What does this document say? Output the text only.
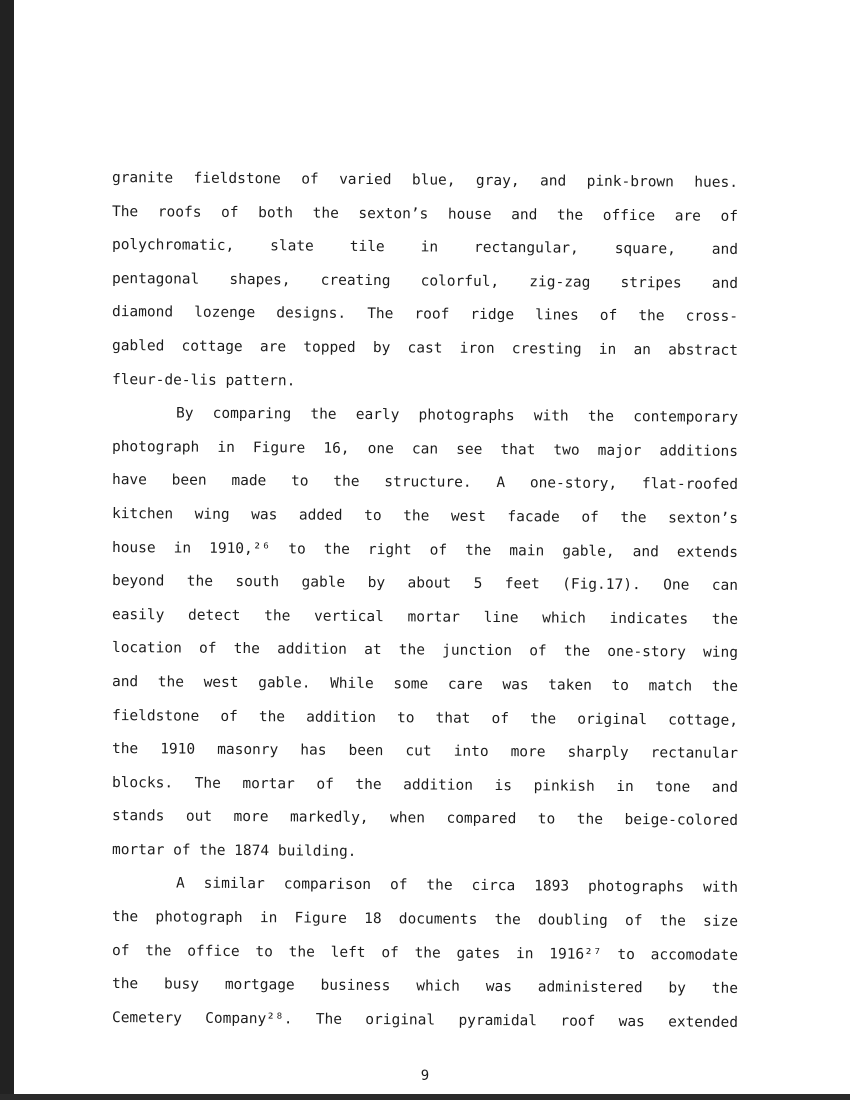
granite fieldstone of varied blue, gray, and pink-brown hues.
The roofs of both the sexton’s house and the office are of
polychromatic, slate tile in rectangular, square, and
pentagonal shapes, creating colorful, zig-zag stripes and
diamond lozenge designs. The roof ridge lines of the cross-
gabled cottage are topped by cast iron cresting in an abstract
fleur-de-lis pattern.
By comparing the early photographs with the contemporary
photograph in Figure 16, one can see that two major additions
have been made to the structure. A one-story, flat-roofed
kitchen wing was added to the west facade of the sexton’s
house in 1910,²⁶ to the right of the main gable, and extends
beyond the south gable by about 5 feet (Fig.17). One can
easily detect the vertical mortar line which indicates the
location of the addition at the junction of the one-story wing
and the west gable. While some care was taken to match the
fieldstone of the addition to that of the original cottage,
the 1910 masonry has been cut into more sharply rectanular
blocks. The mortar of the addition is pinkish in tone and
stands out more markedly, when compared to the beige-colored
mortar of the 1874 building.
A similar comparison of the circa 1893 photographs with
the photograph in Figure 18 documents the doubling of the size
of the office to the left of the gates in 1916²⁷ to accomodate
the busy mortgage business which was administered by the
Cemetery Company²⁸. The original pyramidal roof was extended
9
